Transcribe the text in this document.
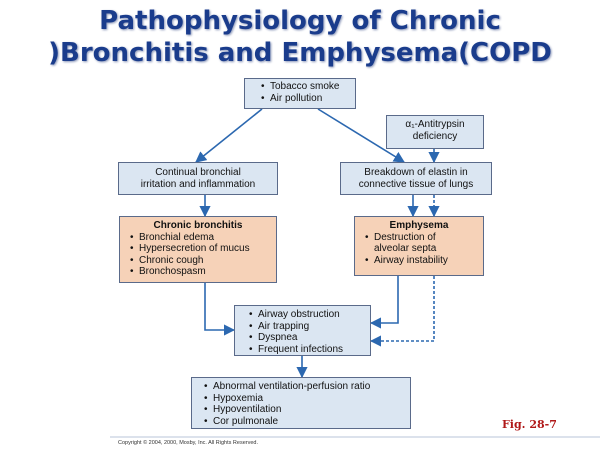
Pathophysiology of Chronic
)Bronchitis and Emphysema(COPD
• Tobacco smoke
• Air pollution
α₁-Antitrypsin
deficiency
Continual bronchial
irritation and inflammation
Breakdown of elastin in
connective tissue of lungs
Chronic bronchitis
• Bronchial edema
• Hypersecretion of mucus
• Chronic cough
• Bronchospasm
Emphysema
• Destruction of
alveolar septa
• Airway instability
• Airway obstruction
• Air trapping
• Dyspnea
• Frequent infections
• Abnormal ventilation-perfusion ratio
• Hypoxemia
• Hypoventilation
• Cor pulmonale	Fig. 28-7
Copyright © 2004, 2000, Mosby, Inc. All Rights Reserved.
